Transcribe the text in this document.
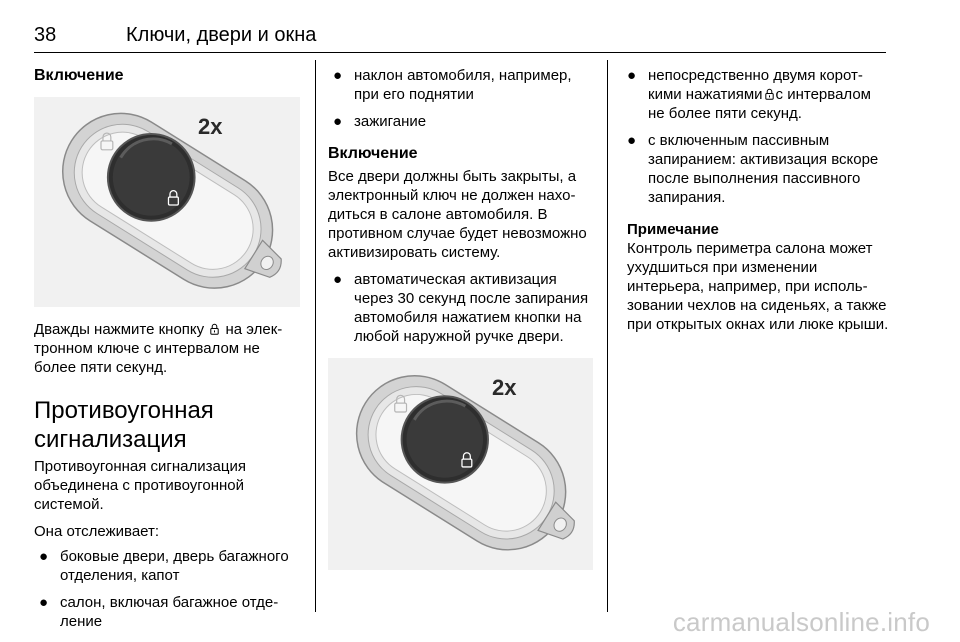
38	Ключи, двери и окна

Включение

2x

Дважды нажмите кнопку на электронном ключе с интервалом не более пяти секунд.

Противоугонная сигнализация

Противоугонная сигнализация объединена с противоугонной системой.

Она отслеживает:

● боковые двери, дверь багажного отделения, капот
● салон, включая багажное отделение
● наклон автомобиля, например, при его поднятии
● зажигание

Включение

Все двери должны быть закрыты, а электронный ключ не должен находиться в салоне автомобиля. В противном случае будет невозможно активизировать систему.

● автоматическая активизация через 30 секунд после запирания автомобиля нажатием кнопки на любой наружной ручке двери.
2x
● непосредственно двумя короткими нажатиями с интервалом не более пяти секунд.
● с включенным пассивным запиранием: активизация вскоре после выполнения пассивного запирания.

Примечание

Контроль периметра салона может ухудшиться при изменении интерьера, например, при использовании чехлов на сиденьях, а также при открытых окнах или люке крыши.

carmanualsonline.info
